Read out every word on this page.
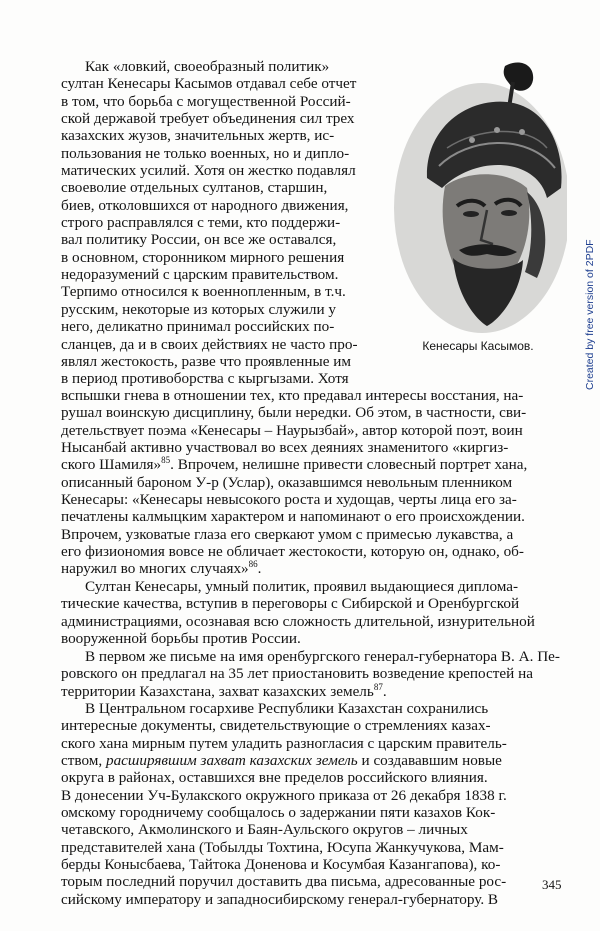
Как «ловкий, своеобразный политик»
султан Кенесары Касымов отдавал себе отчет
в том, что борьба с могущественной Россий-
ской державой требует объединения сил трех
казахских жузов, значительных жертв, ис-
пользования не только военных, но и дипло-
матических усилий. Хотя он жестко подавлял
своеволие отдельных султанов, старшин,
биев, отколовшихся от народного движения,
строго расправлялся с теми, кто поддержи-
вал политику России, он все же оставался,
в основном, сторонником мирного решения
недоразумений с царским правительством.
Терпимо относился к военнопленным, в т.ч.
русским, некоторые из которых служили у
него, деликатно принимал российских по-
сланцев, да и в своих действиях не часто про-
являл жестокость, разве что проявленные им
в период противоборства с кыргызами. Хотя
Кенесары Касымов.
вспышки гнева в отношении тех, кто предавал интересы восстания, на-
рушал воинскую дисциплину, были нередки. Об этом, в частности, сви-
детельствует поэма «Кенесары – Наурызбай», автор которой поэт, воин
Нысанбай активно участвовал во всех деяниях знаменитого «киргиз-
ского Шамиля»$^{85}$. Впрочем, нелишне привести словесный портрет хана,
описанный бароном У-р (Услар), оказавшимся невольным пленником
Кенесары: «Кенесары невысокого роста и худощав, черты лица его за-
печатлены калмыцким характером и напоминают о его происхождении.
Впрочем, узковатые глаза его сверкают умом с примесью лукавства, а
его физиономия вовсе не обличает жестокости, которую он, однако, об-
наружил во многих случаях»$^{86}$.
Султан Кенесары, умный политик, проявил выдающиеся диплома-
тические качества, вступив в переговоры с Сибирской и Оренбургской
администрациями, осознавая всю сложность длительной, изнурительной
вооруженной борьбы против России.
В первом же письме на имя оренбургского генерал-губернатора В. А. Пе-
ровского он предлагал на 35 лет приостановить возведение крепостей на
территории Казахстана, захват казахских земель$^{87}$.
В Центральном госархиве Республики Казахстан сохранились
интересные документы, свидетельствующие о стремлениях казах-
ского хана мирным путем уладить разногласия с царским правитель-
ством, расширявшим захват казахских земель и создававшим новые
округа в районах, оставшихся вне пределов российского влияния.
В донесении Уч-Булакского окружного приказа от 26 декабря 1838 г.
омскому городничему сообщалось о задержании пяти казахов Кок-
четавского, Акмолинского и Баян-Аульского округов – личных
представителей хана (Тобылды Тохтина, Юсупа Жанкучукова, Мам-
берды Конысбаева, Тайтока Доненова и Косумбая Казангапова), ко-
торым последний поручил доставить два письма, адресованные рос-
сийскому императору и западносибирскому генерал-губернатору. В
345
Created by free version of 2PDF
